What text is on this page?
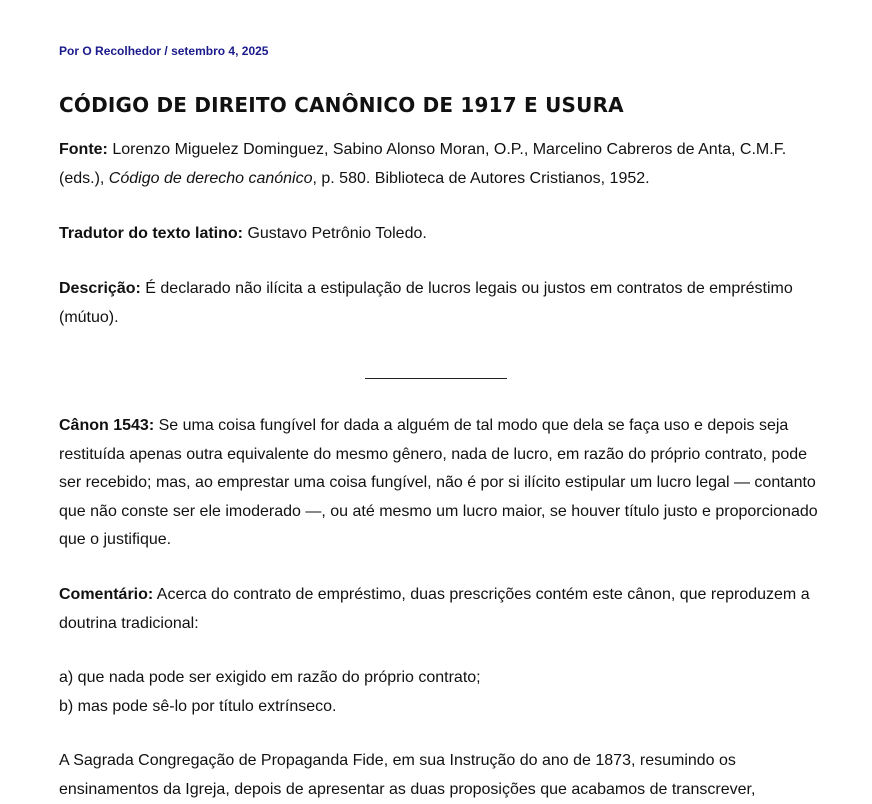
Por O Recolhedor / setembro 4, 2025
CÓDIGO DE DIREITO CANÔNICO DE 1917 E USURA

Fonte: Lorenzo Miguelez Dominguez, Sabino Alonso Moran, O.P., Marcelino Cabreros de Anta, C.M.F. (eds.), Código de derecho canónico, p. 580. Biblioteca de Autores Cristianos, 1952.

Tradutor do texto latino: Gustavo Petrônio Toledo.

Descrição: É declarado não ilícita a estipulação de lucros legais ou justos em contratos de empréstimo (mútuo).

Cânon 1543: Se uma coisa fungível for dada a alguém de tal modo que dela se faça uso e depois seja restituída apenas outra equivalente do mesmo gênero, nada de lucro, em razão do próprio contrato, pode ser recebido; mas, ao emprestar uma coisa fungível, não é por si ilícito estipular um lucro legal — contanto que não conste ser ele imoderado —, ou até mesmo um lucro maior, se houver título justo e proporcionado que o justifique.

Comentário: Acerca do contrato de empréstimo, duas prescrições contém este cânon, que reproduzem a doutrina tradicional:

a) que nada pode ser exigido em razão do próprio contrato;
b) mas pode sê-lo por título extrínseco.

A Sagrada Congregação de Propaganda Fide, em sua Instrução do ano de 1873, resumindo os ensinamentos da Igreja, depois de apresentar as duas proposições que acabamos de transcrever,
